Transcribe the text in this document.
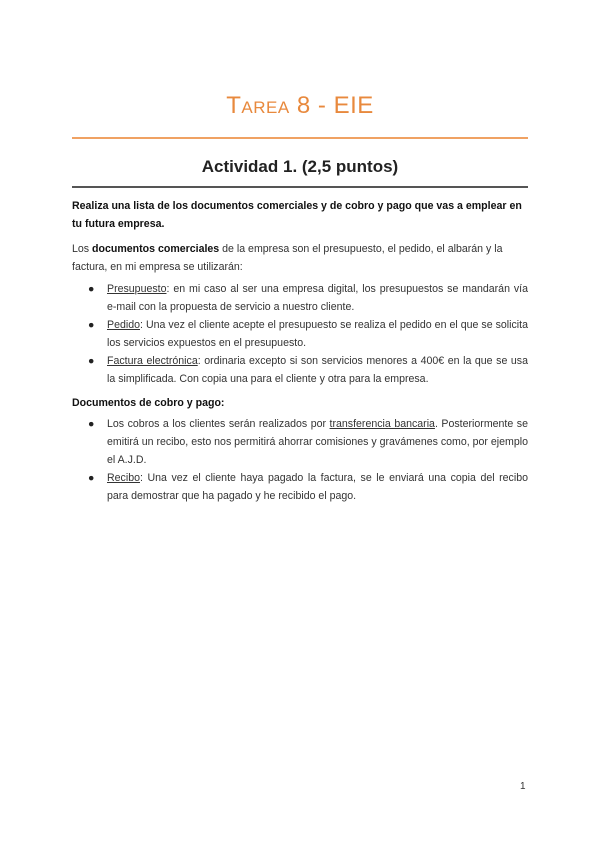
TAREA 8 - EIE
Actividad 1. (2,5 puntos)

Realiza una lista de los documentos comerciales y de cobro y pago que vas a emplear en tu futura empresa.

Los documentos comerciales de la empresa son el presupuesto, el pedido, el albarán y la factura, en mi empresa se utilizarán:

● Presupuesto: en mi caso al ser una empresa digital, los presupuestos se mandarán vía e-mail con la propuesta de servicio a nuestro cliente.
● Pedido: Una vez el cliente acepte el presupuesto se realiza el pedido en el que se solicita los servicios expuestos en el presupuesto.
● Factura electrónica: ordinaria excepto si son servicios menores a 400€ en la que se usa la simplificada. Con copia una para el cliente y otra para la empresa.

Documentos de cobro y pago:

● Los cobros a los clientes serán realizados por transferencia bancaria. Posteriormente se emitirá un recibo, esto nos permitirá ahorrar comisiones y gravámenes como, por ejemplo el A.J.D.
● Recibo: Una vez el cliente haya pagado la factura, se le enviará una copia del recibo para demostrar que ha pagado y he recibido el pago.
1
